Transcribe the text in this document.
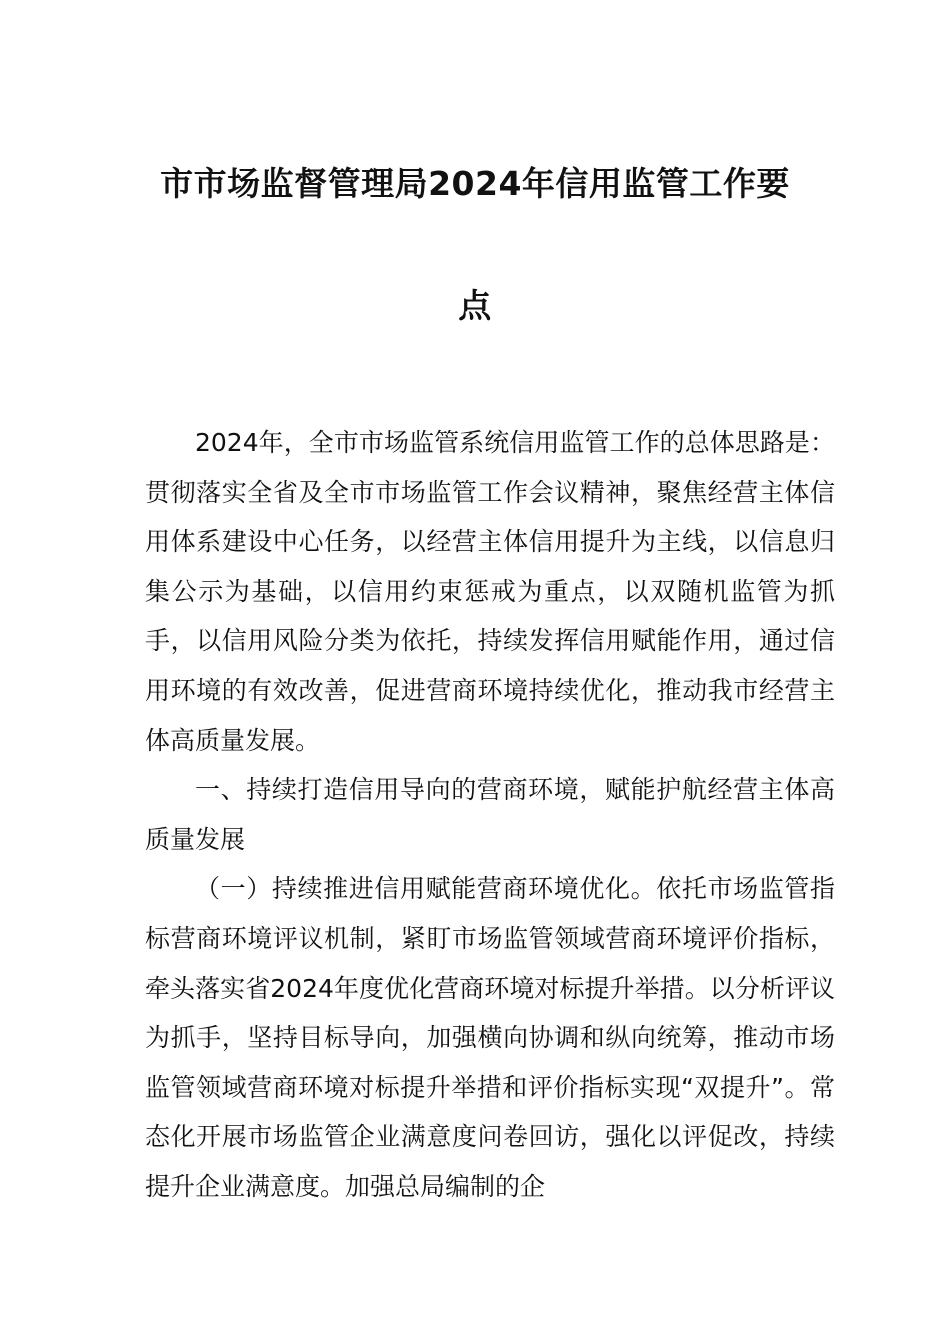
市市场监督管理局2024年信用监管工作要
点

2024年，全市市场监管系统信用监管工作的总体思路是：贯彻落实全省及全市市场监管工作会议精神，聚焦经营主体信用体系建设中心任务，以经营主体信用提升为主线，以信息归集公示为基础，以信用约束惩戒为重点，以双随机监管为抓手，以信用风险分类为依托，持续发挥信用赋能作用，通过信用环境的有效改善，促进营商环境持续优化，推动我市经营主体高质量发展。

一、持续打造信用导向的营商环境，赋能护航经营主体高质量发展

（一）持续推进信用赋能营商环境优化。依托市场监管指标营商环境评议机制，紧盯市场监管领域营商环境评价指标，牵头落实省2024年度优化营商环境对标提升举措。以分析评议为抓手，坚持目标导向，加强横向协调和纵向统筹，推动市场监管领域营商环境对标提升举措和评价指标实现“双提升”。常态化开展市场监管企业满意度问卷回访，强化以评促改，持续提升企业满意度。加强总局编制的企
